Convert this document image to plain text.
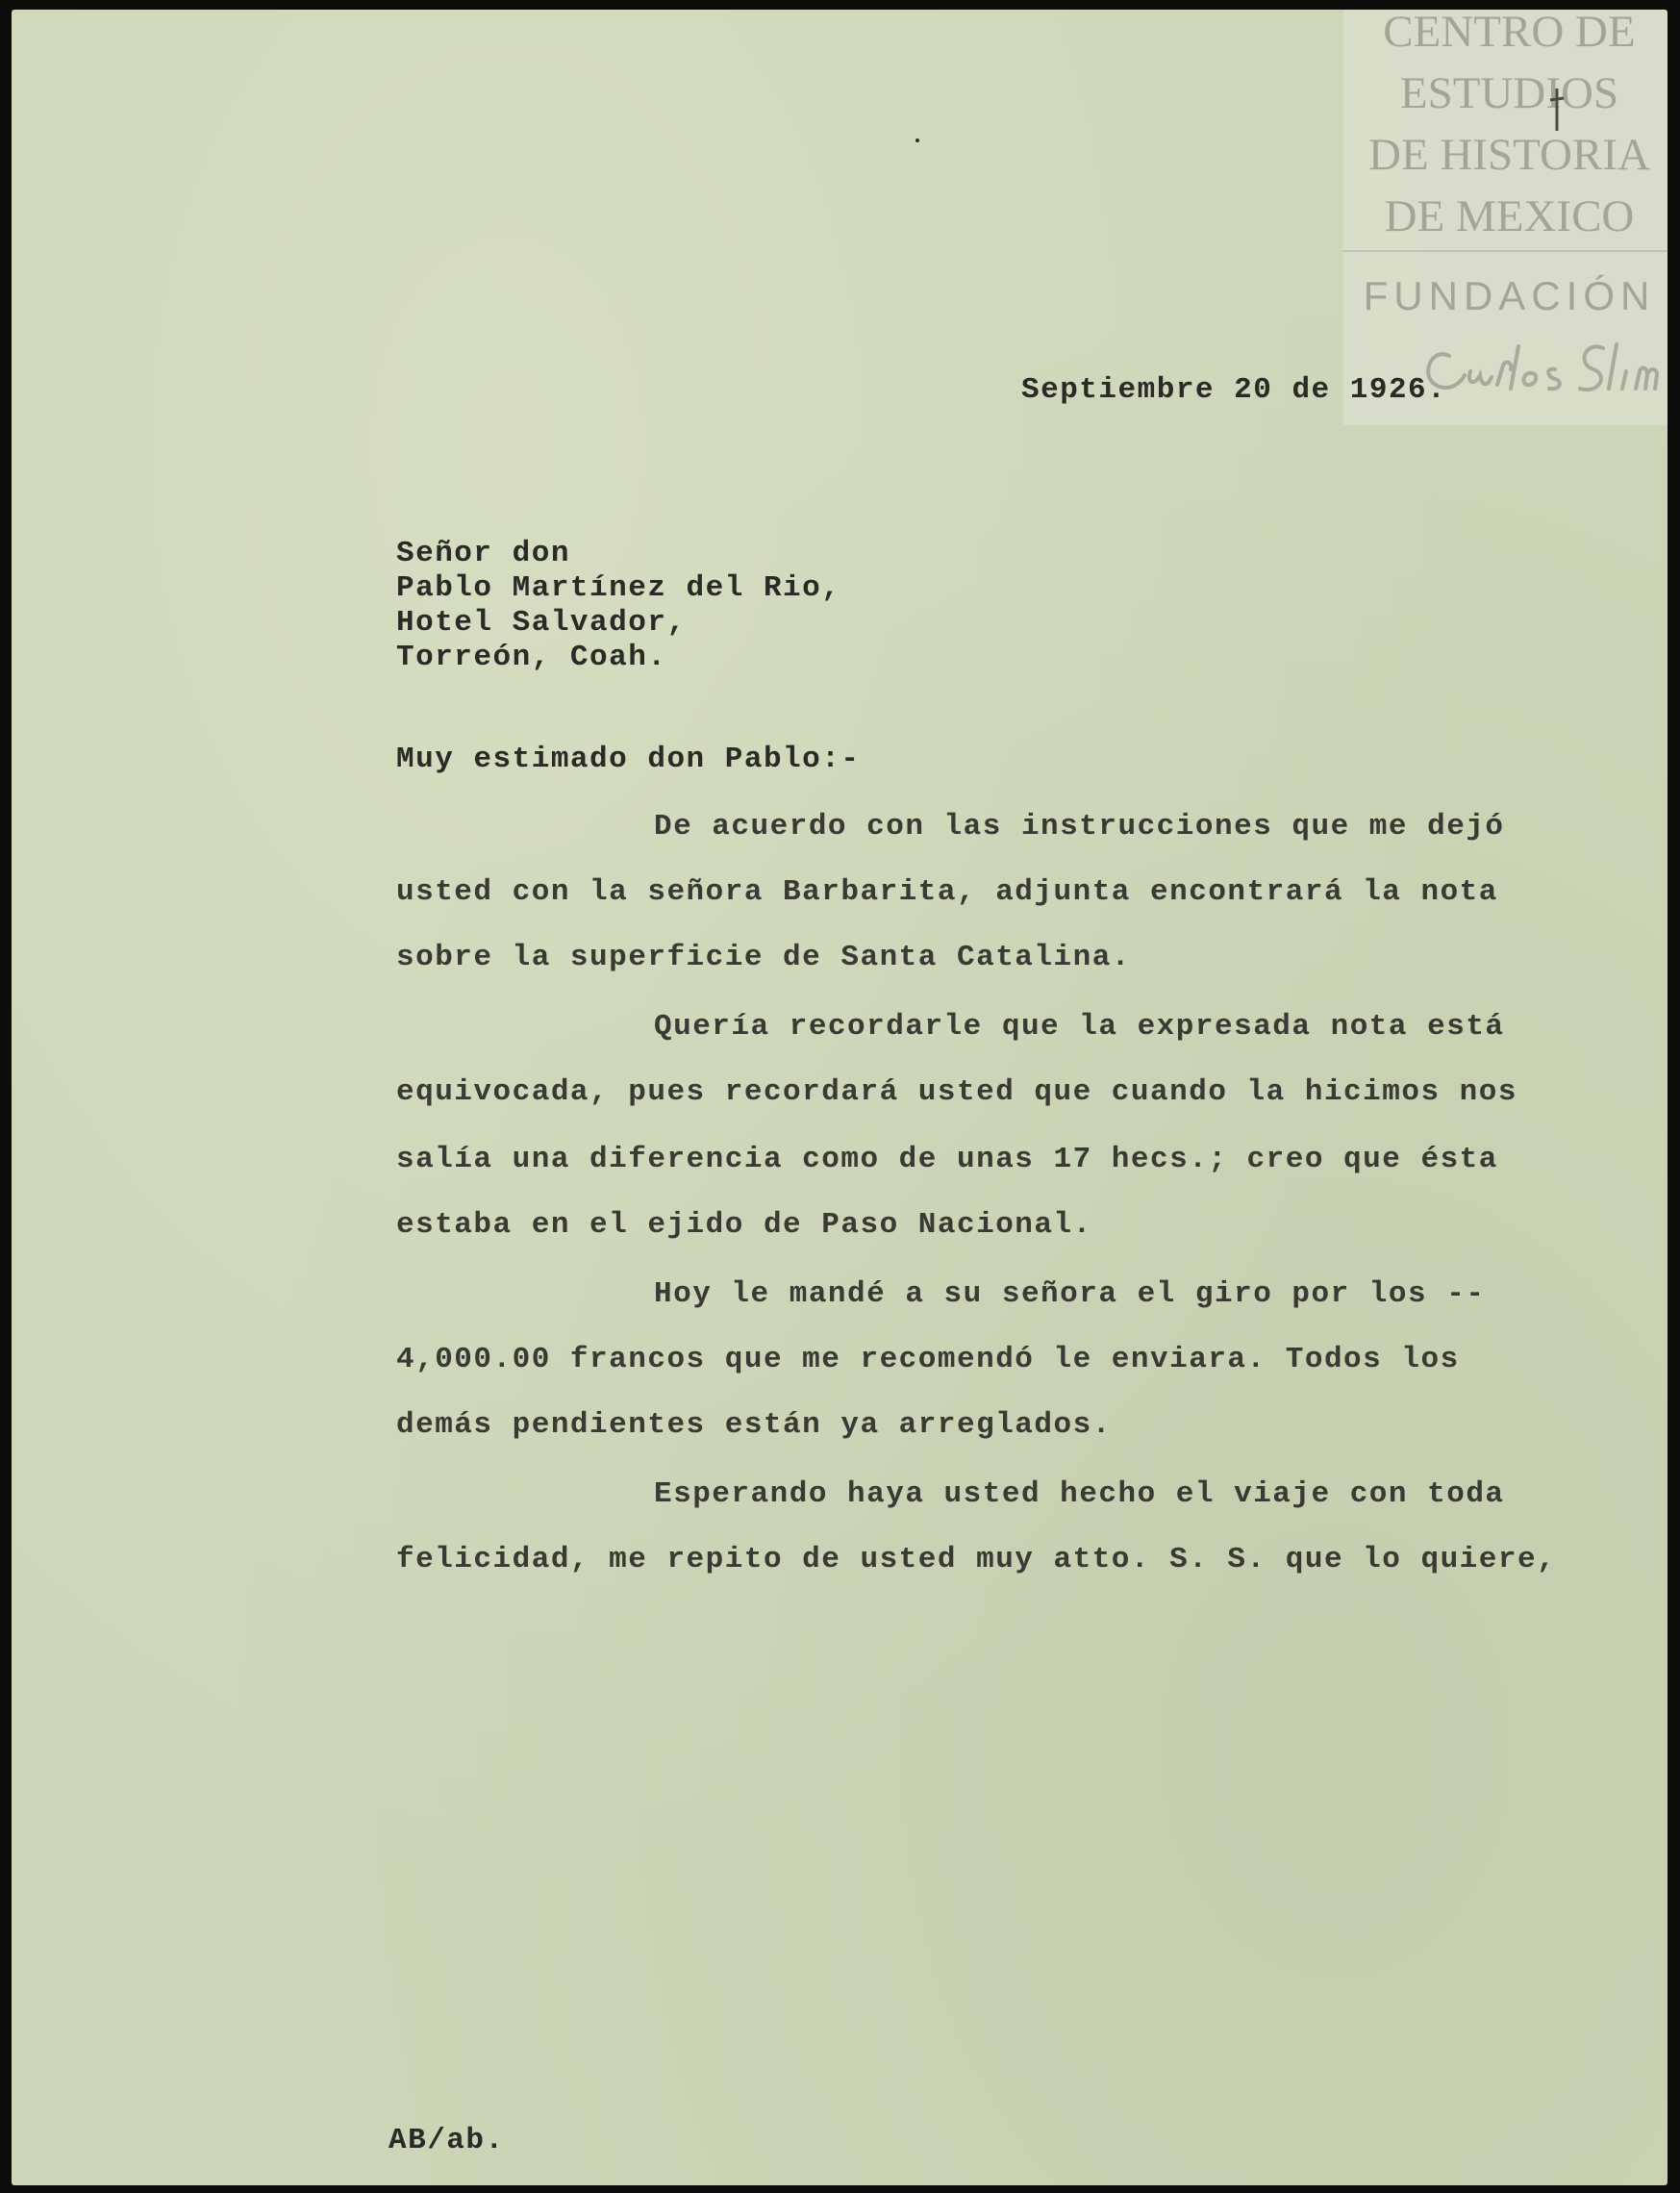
CENTRO DE

ESTUDIOS

DE HISTORIA

DE MEXICO

FUNDACIÓN

Septiembre 20 de 1926.

Señor don

Pablo Martínez del Rio,

Hotel Salvador,

Torreón, Coah.

Muy estimado don Pablo:-

De acuerdo con las instrucciones que me dejó

usted con la señora Barbarita, adjunta encontrará la nota

sobre la superficie de Santa Catalina.

Quería recordarle que la expresada nota está

equivocada, pues recordará usted que cuando la hicimos nos

salía una diferencia como de unas 17 hecs.; creo que ésta

estaba en el ejido de Paso Nacional.

Hoy le mandé a su señora el giro por los --

4,000.00 francos que me recomendó le enviara. Todos los

demás pendientes están ya arreglados.

Esperando haya usted hecho el viaje con toda

felicidad, me repito de usted muy atto. S. S. que lo quiere,

AB/ab.
